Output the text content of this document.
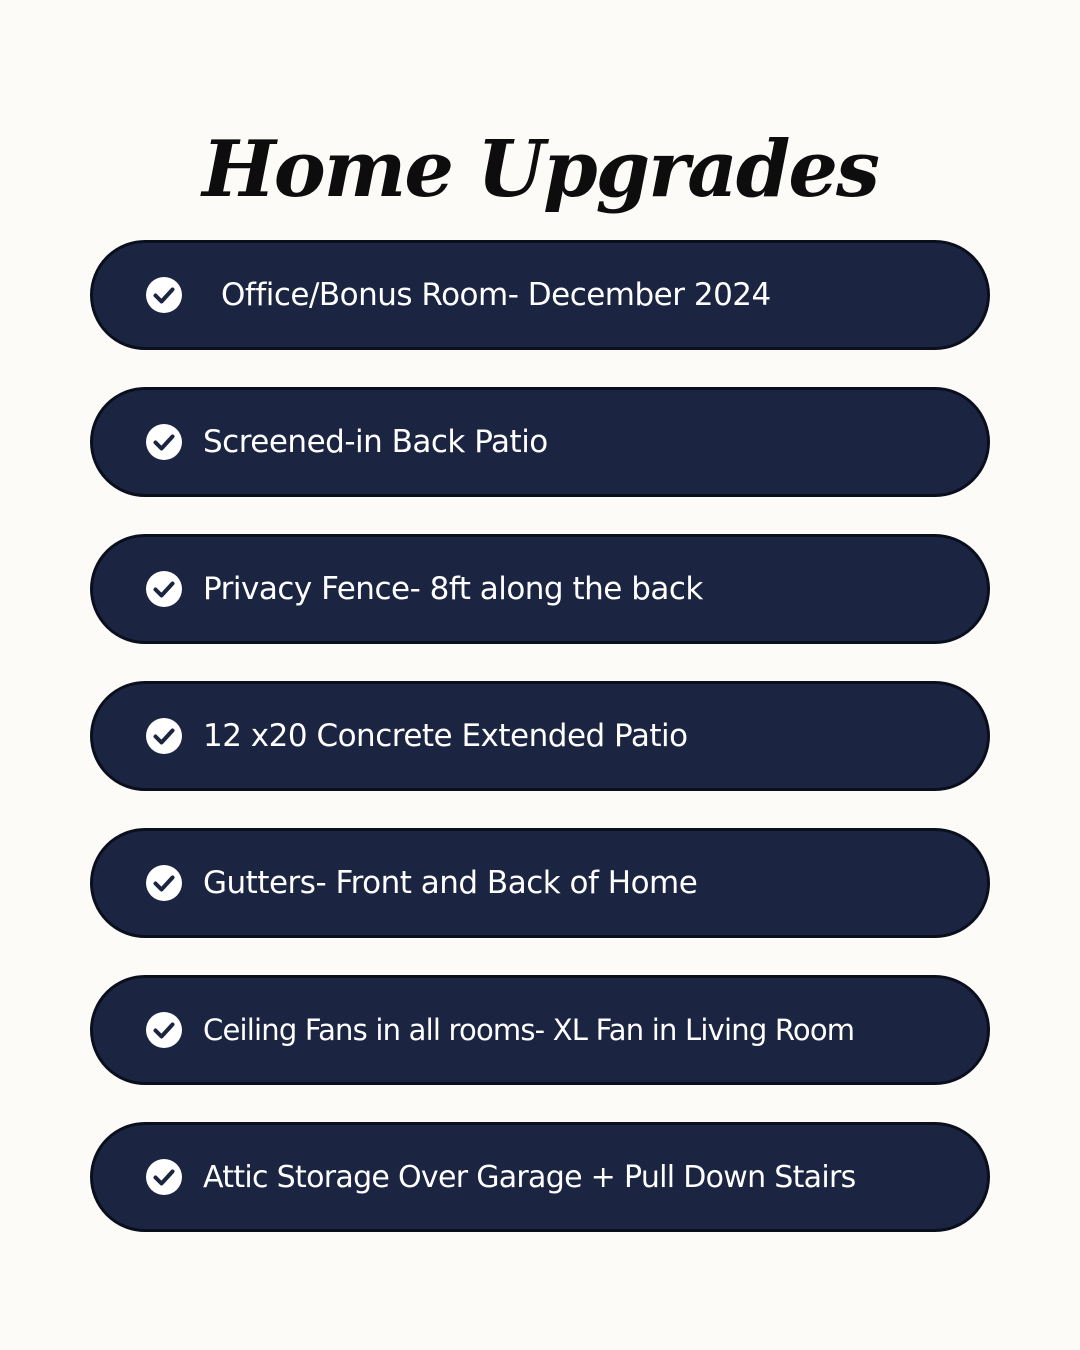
Home Upgrades
Office/Bonus Room- December 2024
Screened-in Back Patio
Privacy Fence- 8ft along the back
12 x20 Concrete Extended Patio
Gutters- Front and Back of Home
Ceiling Fans in all rooms- XL Fan in Living Room
Attic Storage Over Garage + Pull Down Stairs
